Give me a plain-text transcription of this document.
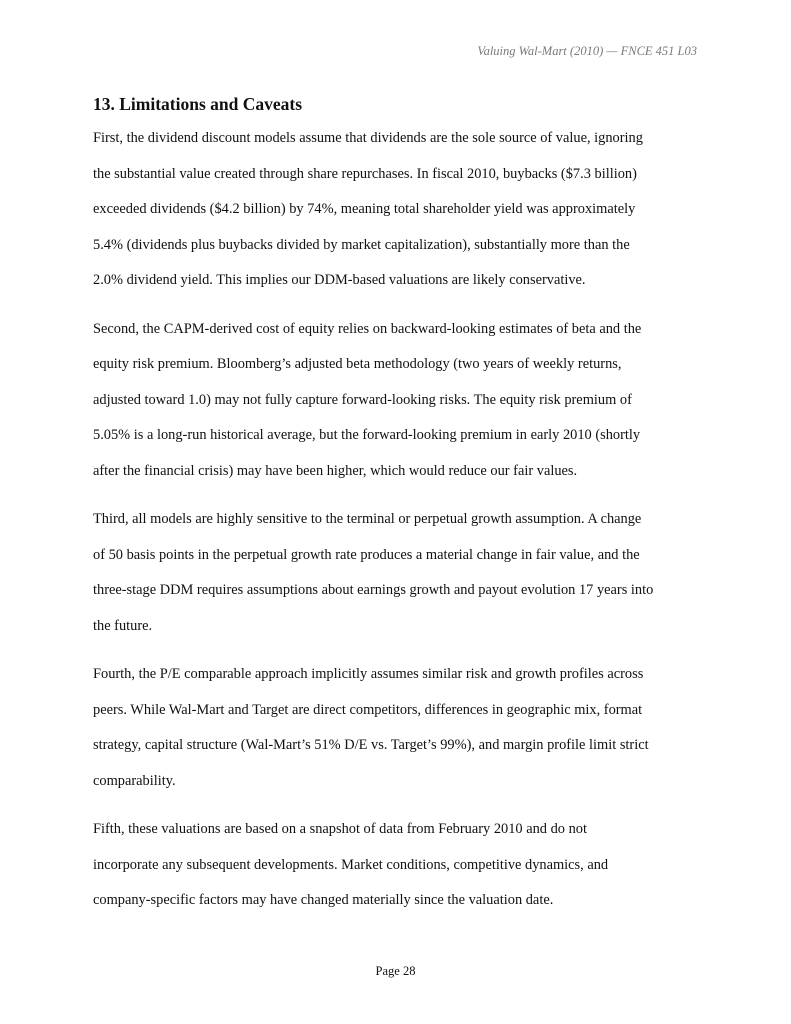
Valuing Wal-Mart (2010) — FNCE 451 L03
13. Limitations and Caveats

First, the dividend discount models assume that dividends are the sole source of value, ignoring
the substantial value created through share repurchases. In fiscal 2010, buybacks ($7.3 billion)
exceeded dividends ($4.2 billion) by 74%, meaning total shareholder yield was approximately
5.4% (dividends plus buybacks divided by market capitalization), substantially more than the
2.0% dividend yield. This implies our DDM-based valuations are likely conservative.

Second, the CAPM-derived cost of equity relies on backward-looking estimates of beta and the
equity risk premium. Bloomberg’s adjusted beta methodology (two years of weekly returns,
adjusted toward 1.0) may not fully capture forward-looking risks. The equity risk premium of
5.05% is a long-run historical average, but the forward-looking premium in early 2010 (shortly
after the financial crisis) may have been higher, which would reduce our fair values.

Third, all models are highly sensitive to the terminal or perpetual growth assumption. A change
of 50 basis points in the perpetual growth rate produces a material change in fair value, and the
three-stage DDM requires assumptions about earnings growth and payout evolution 17 years into
the future.

Fourth, the P/E comparable approach implicitly assumes similar risk and growth profiles across
peers. While Wal-Mart and Target are direct competitors, differences in geographic mix, format
strategy, capital structure (Wal-Mart’s 51% D/E vs. Target’s 99%), and margin profile limit strict
comparability.

Fifth, these valuations are based on a snapshot of data from February 2010 and do not
incorporate any subsequent developments. Market conditions, competitive dynamics, and
company-specific factors may have changed materially since the valuation date.

Page 28
